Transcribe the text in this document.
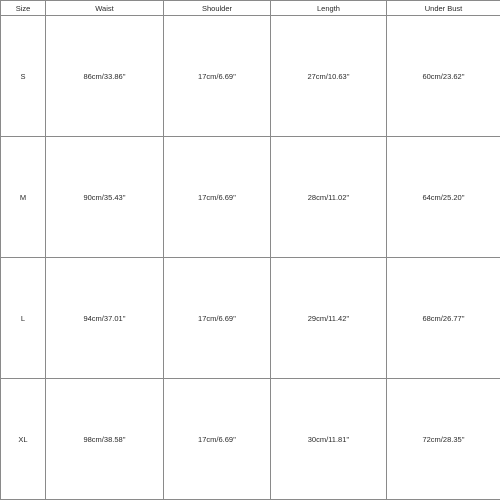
Size	Waist	Shoulder	Length	Under Bust
S	86cm/33.86''	17cm/6.69''	27cm/10.63''	60cm/23.62''
M	90cm/35.43''	17cm/6.69''	28cm/11.02''	64cm/25.20''
L	94cm/37.01''	17cm/6.69''	29cm/11.42''	68cm/26.77''
XL	98cm/38.58''	17cm/6.69''	30cm/11.81''	72cm/28.35''
